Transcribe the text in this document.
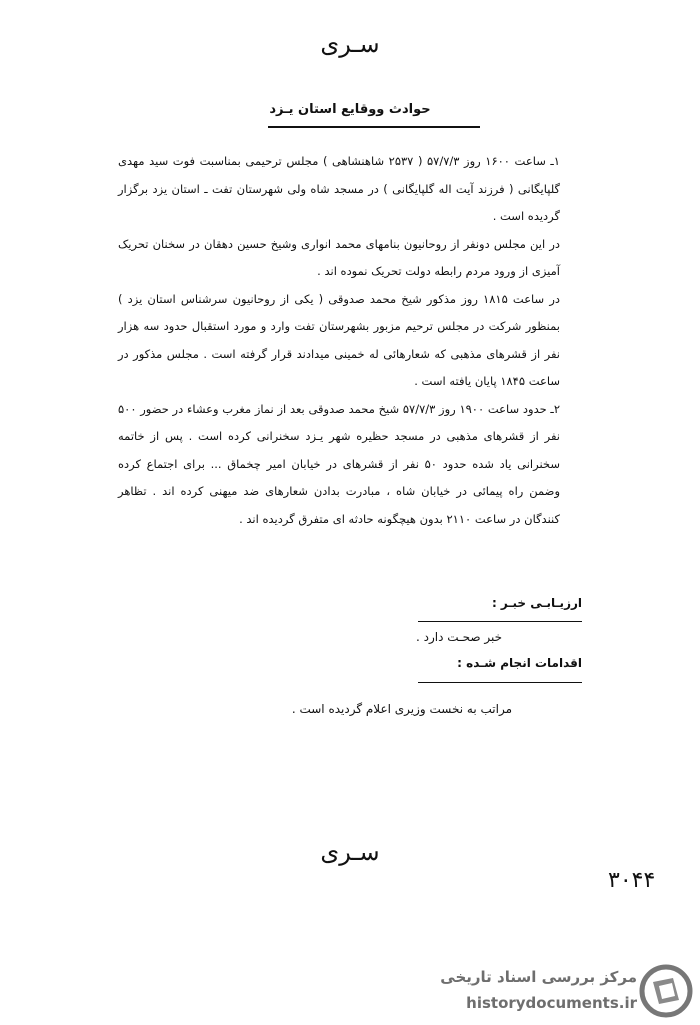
سـرى
حوادث ووقايع استان يـزد

۱ـ ساعت ۱۶۰۰ روز ۵۷/۷/۳ ( ۲۵۳۷ شاهنشاهی ) مجلس ترحیمی بمناسبت فوت سید مهدی گلپایگانی ( فرزند آیت اله گلپایگانی ) در مسجد شاه ولی شهرستان تفت ـ استان یزد برگزار گردیده است .

در این مجلس دونفر از روحانیون بنامهای محمد انواری وشیخ حسین دهقان در سخنان تحریک آمیزی از ورود مردم رابطه دولت تحریک نموده اند .

در ساعت ۱۸۱۵ روز مذکور شیخ محمد صدوقی ( یکی از روحانیون سرشناس استان یزد ) بمنظور شرکت در مجلس ترحیم مزبور بشهرستان تفت وارد و مورد استقبال حدود سه هزار نفر از قشرهای مذهبی که شعارهائی له خمینی میدادند قرار گرفته است . مجلس مذکور در ساعت ۱۸۴۵ پایان یافته است .

۲ـ حدود ساعت ۱۹۰۰ روز ۵۷/۷/۳ شیخ محمد صدوقی بعد از نماز مغرب وعشاء در حضور ۵۰۰ نفر از قشرهای مذهبی در مسجد حظیره شهر یـزد سخنرانی کرده است . پس از خاتمه سخنرانی یاد شده حدود ۵۰ نفر از قشرهای در خیابان امیر چخماق ... برای اجتماع کرده وضمن راه پیمائی در خیابان شاه ، مبادرت بدادن شعارهای ضد میهنی کرده اند . تظاهر کنندگان در ساعت ۲۱۱۰ بدون هیچگونه حادثه ای متفرق گردیده اند .

ارزيـابـی خبـر :
خبر صحـت دارد .
اقدامات انجام شـده :
مراتب به نخست وزیری اعلام گردیده است .
سـرى
۳۰۴۴
مرکز بررسی اسناد تاریخی
historydocuments.ir
